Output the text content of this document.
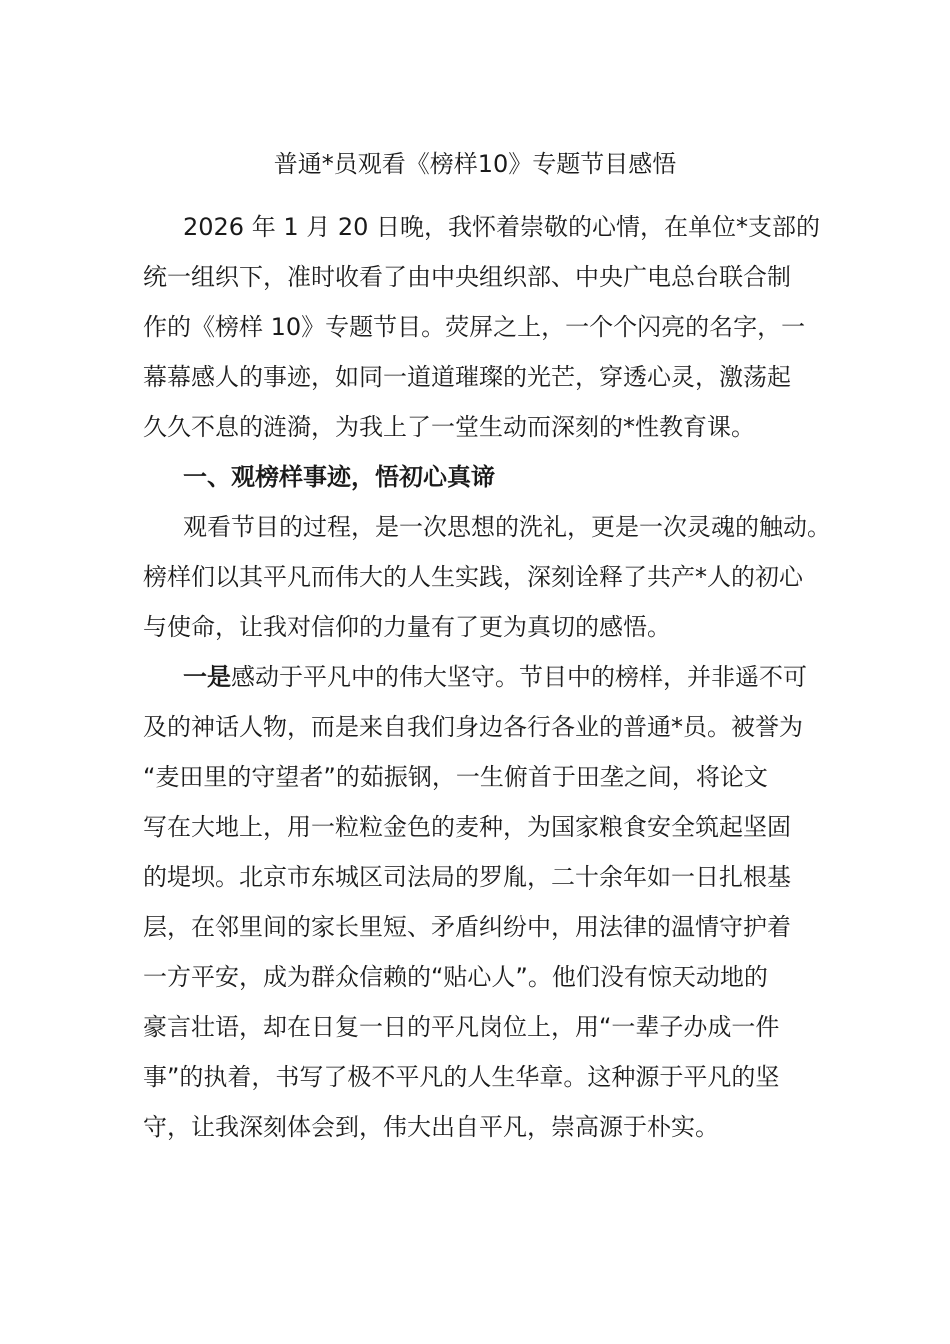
普通*员观看《榜样10》专题节目感悟

2026 年 1 月 20 日晚，我怀着崇敬的心情，在单位*支部的

统一组织下，准时收看了由中央组织部、中央广电总台联合制

作的《榜样 10》专题节目。荧屏之上，一个个闪亮的名字，一

幕幕感人的事迹，如同一道道璀璨的光芒，穿透心灵，激荡起

久久不息的涟漪，为我上了一堂生动而深刻的*性教育课。

一、观榜样事迹，悟初心真谛

观看节目的过程，是一次思想的洗礼，更是一次灵魂的触动。

榜样们以其平凡而伟大的人生实践，深刻诠释了共产*人的初心

与使命，让我对信仰的力量有了更为真切的感悟。

一是感动于平凡中的伟大坚守。节目中的榜样，并非遥不可

及的神话人物，而是来自我们身边各行各业的普通*员。被誉为

“麦田里的守望者”的茹振钢，一生俯首于田垄之间，将论文

写在大地上，用一粒粒金色的麦种，为国家粮食安全筑起坚固

的堤坝。北京市东城区司法局的罗胤，二十余年如一日扎根基

层，在邻里间的家长里短、矛盾纠纷中，用法律的温情守护着

一方平安，成为群众信赖的“贴心人”。他们没有惊天动地的

豪言壮语，却在日复一日的平凡岗位上，用“一辈子办成一件

事”的执着，书写了极不平凡的人生华章。这种源于平凡的坚

守，让我深刻体会到，伟大出自平凡，崇高源于朴实。
